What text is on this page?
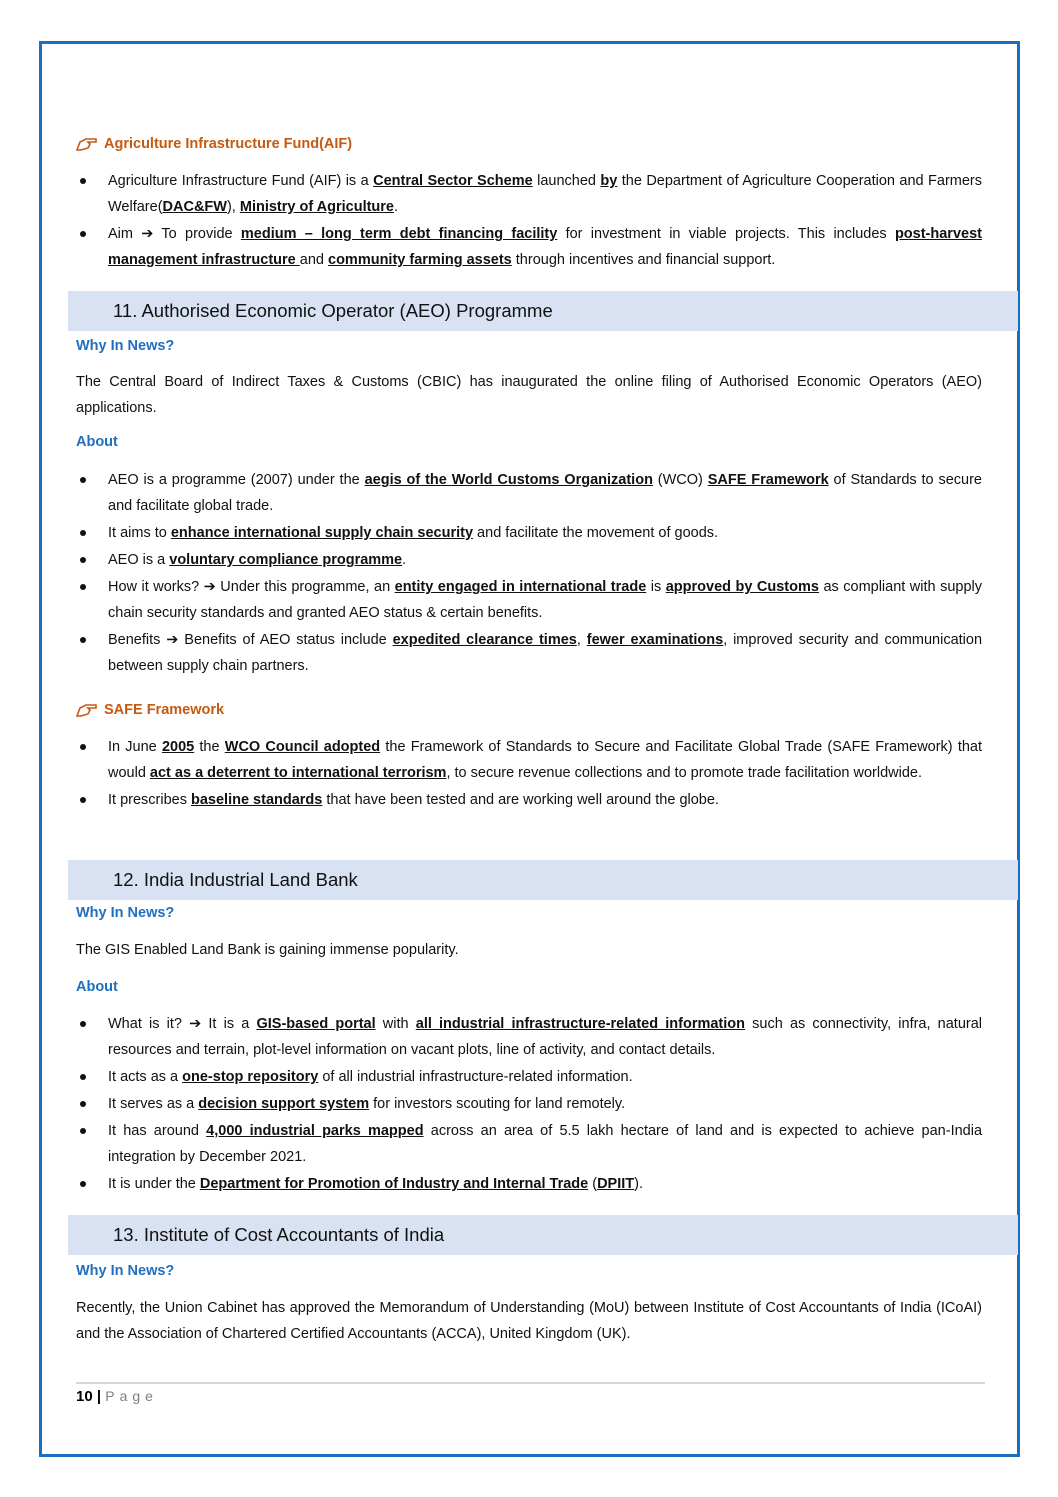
Agriculture Infrastructure Fund(AIF)
Agriculture Infrastructure Fund (AIF) is a Central Sector Scheme launched by the Department of Agriculture Cooperation and Farmers Welfare(DAC&FW), Ministry of Agriculture.
Aim ➔ To provide medium – long term debt financing facility for investment in viable projects. This includes post-harvest management infrastructure and community farming assets through incentives and financial support.
11. Authorised Economic Operator (AEO) Programme
Why In News?
The Central Board of Indirect Taxes & Customs (CBIC) has inaugurated the online filing of Authorised Economic Operators (AEO) applications.
About
AEO is a programme (2007) under the aegis of the World Customs Organization (WCO) SAFE Framework of Standards to secure and facilitate global trade.
It aims to enhance international supply chain security and facilitate the movement of goods.
AEO is a voluntary compliance programme.
How it works? ➔ Under this programme, an entity engaged in international trade is approved by Customs as compliant with supply chain security standards and granted AEO status & certain benefits.
Benefits ➔ Benefits of AEO status include expedited clearance times, fewer examinations, improved security and communication between supply chain partners.
SAFE Framework
In June 2005 the WCO Council adopted the Framework of Standards to Secure and Facilitate Global Trade (SAFE Framework) that would act as a deterrent to international terrorism, to secure revenue collections and to promote trade facilitation worldwide.
It prescribes baseline standards that have been tested and are working well around the globe.
12. India Industrial Land Bank
Why In News?
The GIS Enabled Land Bank is gaining immense popularity.
About
What is it? ➔ It is a GIS-based portal with all industrial infrastructure-related information such as connectivity, infra, natural resources and terrain, plot-level information on vacant plots, line of activity, and contact details.
It acts as a one-stop repository of all industrial infrastructure-related information.
It serves as a decision support system for investors scouting for land remotely.
It has around 4,000 industrial parks mapped across an area of 5.5 lakh hectare of land and is expected to achieve pan-India integration by December 2021.
It is under the Department for Promotion of Industry and Internal Trade (DPIIT).
13. Institute of Cost Accountants of India
Why In News?
Recently, the Union Cabinet has approved the Memorandum of Understanding (MoU) between Institute of Cost Accountants of India (ICoAI) and the Association of Chartered Certified Accountants (ACCA), United Kingdom (UK).
10 | Page
